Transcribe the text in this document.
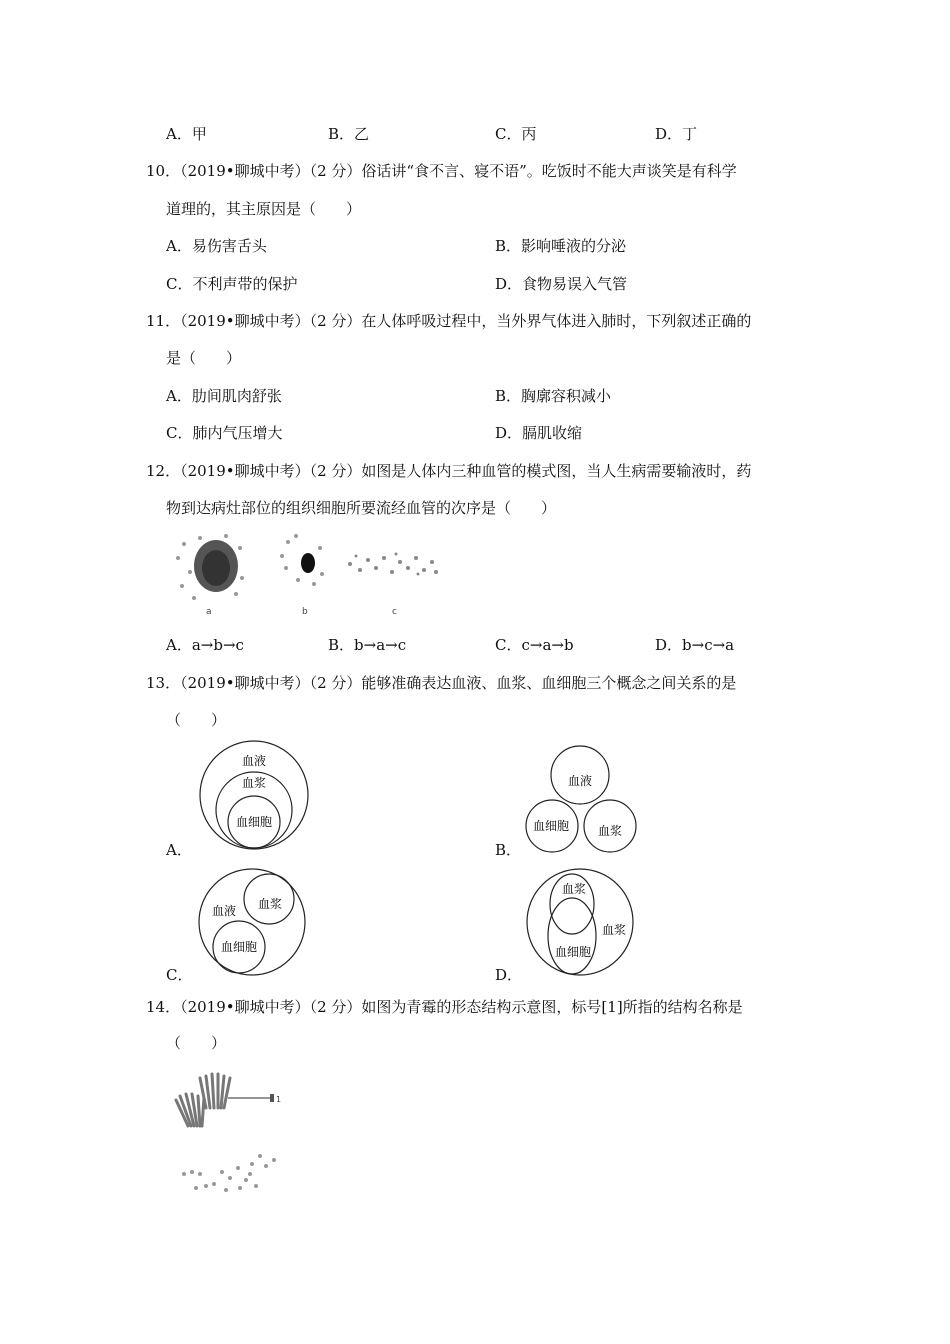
A．甲	B．乙	C．丙	D．丁
10．（2019•聊城中考）（2 分）俗话讲“食不言、寝不语”。吃饭时不能大声谈笑是有科学
道理的，其主原因是（　　）
A．易伤害舌头	B．影响唾液的分泌
C．不利声带的保护	D．食物易误入气管
11．（2019•聊城中考）（2 分）在人体呼吸过程中，当外界气体进入肺时，下列叙述正确的
是（　　）
A．肋间肌肉舒张	B．胸廓容积减小
C．肺内气压增大	D．膈肌收缩
12．（2019•聊城中考）（2 分）如图是人体内三种血管的模式图，当人生病需要输液时，药
物到达病灶部位的组织细胞所要流经血管的次序是（　　）
a	b	c
A．a→b→c	B．b→a→c	C．c→a→b	D．b→c→a
13．（2019•聊城中考）（2 分）能够准确表达血液、血浆、血细胞三个概念之间关系的是
（　　）
血液
血浆
血细胞
A．
血液
血细胞 血浆
B．
血液 血浆
血细胞
C．
血浆
血细胞
血浆
D．
14．（2019•聊城中考）（2 分）如图为青霉的形态结构示意图，标号[1]所指的结构名称是
（　　）
1
